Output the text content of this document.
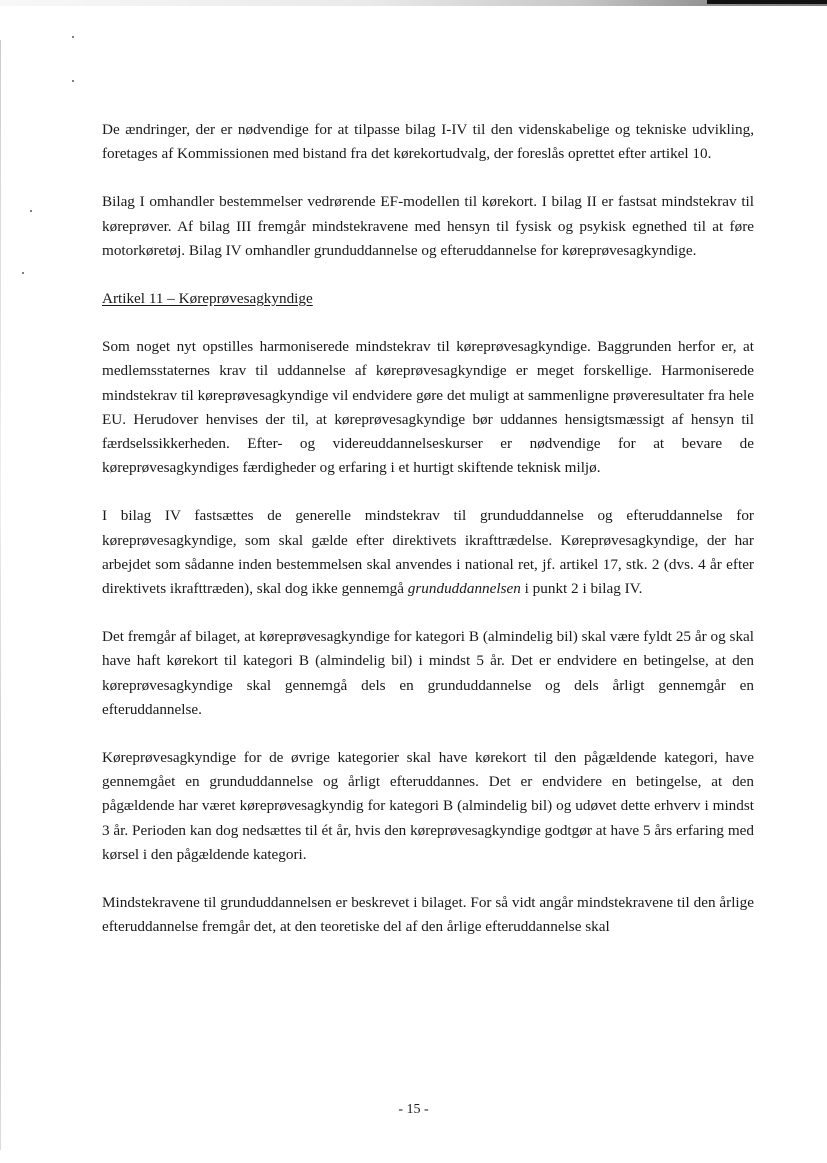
De ændringer, der er nødvendige for at tilpasse bilag I-IV til den videnskabelige og tekniske udvikling, foretages af Kommissionen med bistand fra det kørekortudvalg, der foreslås oprettet efter artikel 10.

Bilag I omhandler bestemmelser vedrørende EF-modellen til kørekort. I bilag II er fastsat mindstekrav til køreprøver. Af bilag III fremgår mindstekravene med hensyn til fysisk og psykisk egnethed til at føre motorkøretøj. Bilag IV omhandler grunduddannelse og efteruddannelse for køreprøvesagkyndige.

Artikel 11 – Køreprøvesagkyndige

Som noget nyt opstilles harmoniserede mindstekrav til køreprøvesagkyndige. Baggrunden herfor er, at medlemsstaternes krav til uddannelse af køreprøvesagkyndige er meget forskellige. Harmoniserede mindstekrav til køreprøvesagkyndige vil endvidere gøre det muligt at sammenligne prøveresultater fra hele EU. Herudover henvises der til, at køreprøvesagkyndige bør uddannes hensigtsmæssigt af hensyn til færdselssikkerheden. Efter- og videreuddannelseskurser er nødvendige for at bevare de køreprøvesagkyndiges færdigheder og erfaring i et hurtigt skiftende teknisk miljø.

I bilag IV fastsættes de generelle mindstekrav til grunduddannelse og efteruddannelse for køreprøvesagkyndige, som skal gælde efter direktivets ikrafttrædelse. Køreprøvesagkyndige, der har arbejdet som sådanne inden bestemmelsen skal anvendes i national ret, jf. artikel 17, stk. 2 (dvs. 4 år efter direktivets ikrafttræden), skal dog ikke gennemgå grunduddannelsen i punkt 2 i bilag IV.

Det fremgår af bilaget, at køreprøvesagkyndige for kategori B (almindelig bil) skal være fyldt 25 år og skal have haft kørekort til kategori B (almindelig bil) i mindst 5 år. Det er endvidere en betingelse, at den køreprøvesagkyndige skal gennemgå dels en grunduddannelse og dels årligt gennemgår en efteruddannelse.

Køreprøvesagkyndige for de øvrige kategorier skal have kørekort til den pågældende kategori, have gennemgået en grunduddannelse og årligt efteruddannes. Det er endvidere en betingelse, at den pågældende har været køreprøvesagkyndig for kategori B (almindelig bil) og udøvet dette erhverv i mindst 3 år. Perioden kan dog nedsættes til ét år, hvis den køreprøvesagkyndige godtgør at have 5 års erfaring med kørsel i den pågældende kategori.

Mindstekravene til grunduddannelsen er beskrevet i bilaget. For så vidt angår mindstekravene til den årlige efteruddannelse fremgår det, at den teoretiske del af den årlige efteruddannelse skal

- 15 -
